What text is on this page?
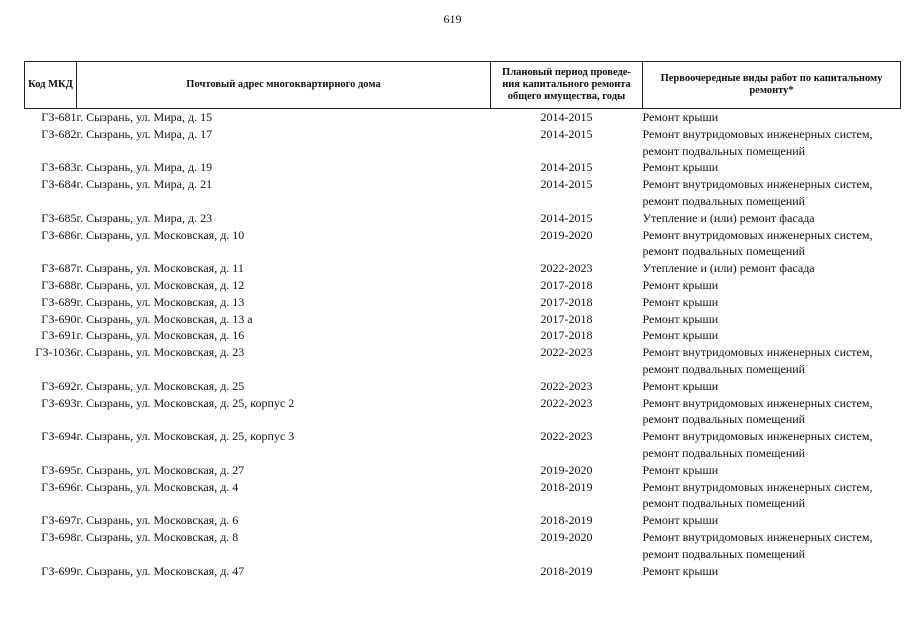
619
Код МКД	Почтовый адрес многоквартирного дома	Плановый период проведе-
ния капитального ремонта
общего имущества, годы	Первоочередные виды работ по капитальному
ремонту*
ГЗ-681	г. Сызрань, ул. Мира, д. 15	2014-2015	Ремонт крыши

ГЗ-682	г. Сызрань, ул. Мира, д. 17	2014-2015	Ремонт внутридомовых инженерных систем,
ремонт подвальных помещений

ГЗ-683	г. Сызрань, ул. Мира, д. 19	2014-2015	Ремонт крыши

ГЗ-684	г. Сызрань, ул. Мира, д. 21	2014-2015	Ремонт внутридомовых инженерных систем,
ремонт подвальных помещений

ГЗ-685	г. Сызрань, ул. Мира, д. 23	2014-2015	Утепление и (или) ремонт фасада

ГЗ-686	г. Сызрань, ул. Московская, д. 10	2019-2020	Ремонт внутридомовых инженерных систем,
ремонт подвальных помещений

ГЗ-687	г. Сызрань, ул. Московская, д. 11	2022-2023	Утепление и (или) ремонт фасада

ГЗ-688	г. Сызрань, ул. Московская, д. 12	2017-2018	Ремонт крыши

ГЗ-689	г. Сызрань, ул. Московская, д. 13	2017-2018	Ремонт крыши

ГЗ-690	г. Сызрань, ул. Московская, д. 13 а	2017-2018	Ремонт крыши

ГЗ-691	г. Сызрань, ул. Московская, д. 16	2017-2018	Ремонт крыши

ГЗ-1036	г. Сызрань, ул. Московская, д. 23	2022-2023	Ремонт внутридомовых инженерных систем,
ремонт подвальных помещений

ГЗ-692	г. Сызрань, ул. Московская, д. 25	2022-2023	Ремонт крыши

ГЗ-693	г. Сызрань, ул. Московская, д. 25, корпус 2	2022-2023	Ремонт внутридомовых инженерных систем,
ремонт подвальных помещений

ГЗ-694	г. Сызрань, ул. Московская, д. 25, корпус 3	2022-2023	Ремонт внутридомовых инженерных систем,
ремонт подвальных помещений

ГЗ-695	г. Сызрань, ул. Московская, д. 27	2019-2020	Ремонт крыши

ГЗ-696	г. Сызрань, ул. Московская, д. 4	2018-2019	Ремонт внутридомовых инженерных систем,
ремонт подвальных помещений

ГЗ-697	г. Сызрань, ул. Московская, д. 6	2018-2019	Ремонт крыши

ГЗ-698	г. Сызрань, ул. Московская, д. 8	2019-2020	Ремонт внутридомовых инженерных систем,
ремонт подвальных помещений

ГЗ-699	г. Сызрань, ул. Московская, д. 47	2018-2019	Ремонт крыши
